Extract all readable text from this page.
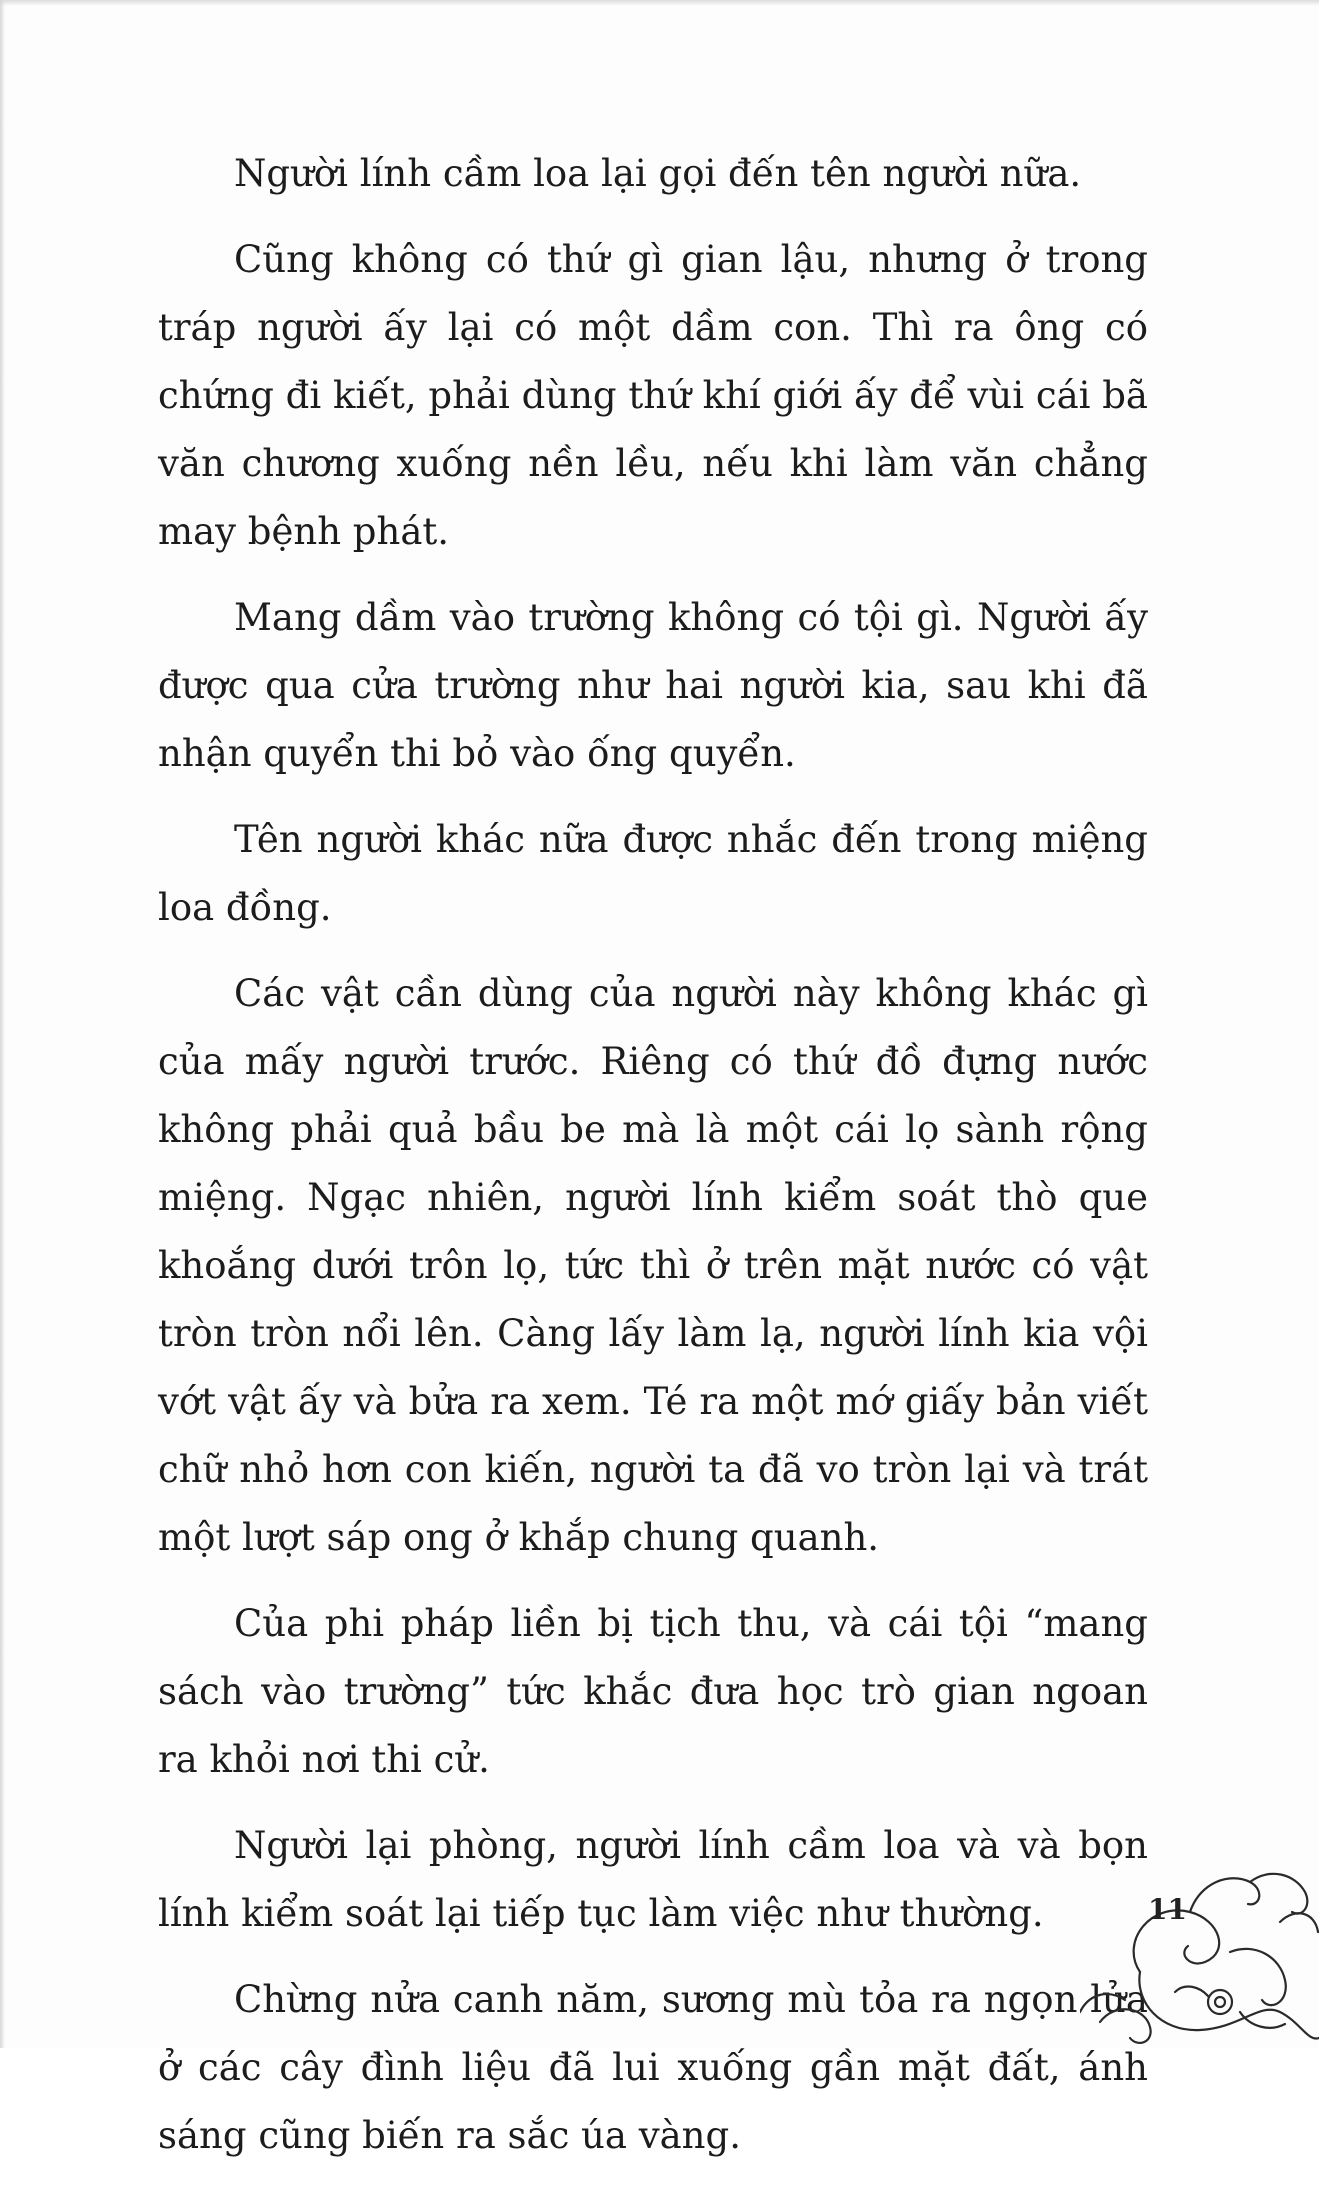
Người lính cầm loa lại gọi đến tên người nữa.

Cũng không có thứ gì gian lậu, nhưng ở trong tráp người ấy lại có một dầm con. Thì ra ông có chứng đi kiết, phải dùng thứ khí giới ấy để vùi cái bã văn chương xuống nền lều, nếu khi làm văn chẳng may bệnh phát.

Mang dầm vào trường không có tội gì. Người ấy được qua cửa trường như hai người kia, sau khi đã nhận quyển thi bỏ vào ống quyển.

Tên người khác nữa được nhắc đến trong miệng loa đồng.

Các vật cần dùng của người này không khác gì của mấy người trước. Riêng có thứ đồ đựng nước không phải quả bầu be mà là một cái lọ sành rộng miệng. Ngạc nhiên, người lính kiểm soát thò que khoắng dưới trôn lọ, tức thì ở trên mặt nước có vật tròn tròn nổi lên. Càng lấy làm lạ, người lính kia vội vớt vật ấy và bửa ra xem. Té ra một mớ giấy bản viết chữ nhỏ hơn con kiến, người ta đã vo tròn lại và trát một lượt sáp ong ở khắp chung quanh.

Của phi pháp liền bị tịch thu, và cái tội “mang sách vào trường” tức khắc đưa học trò gian ngoan ra khỏi nơi thi cử.

Người lại phòng, người lính cầm loa và và bọn lính kiểm soát lại tiếp tục làm việc như thường.

Chừng nửa canh năm, sương mù tỏa ra ngọn lửa ở các cây đình liệu đã lui xuống gần mặt đất, ánh sáng cũng biến ra sắc úa vàng.

11
